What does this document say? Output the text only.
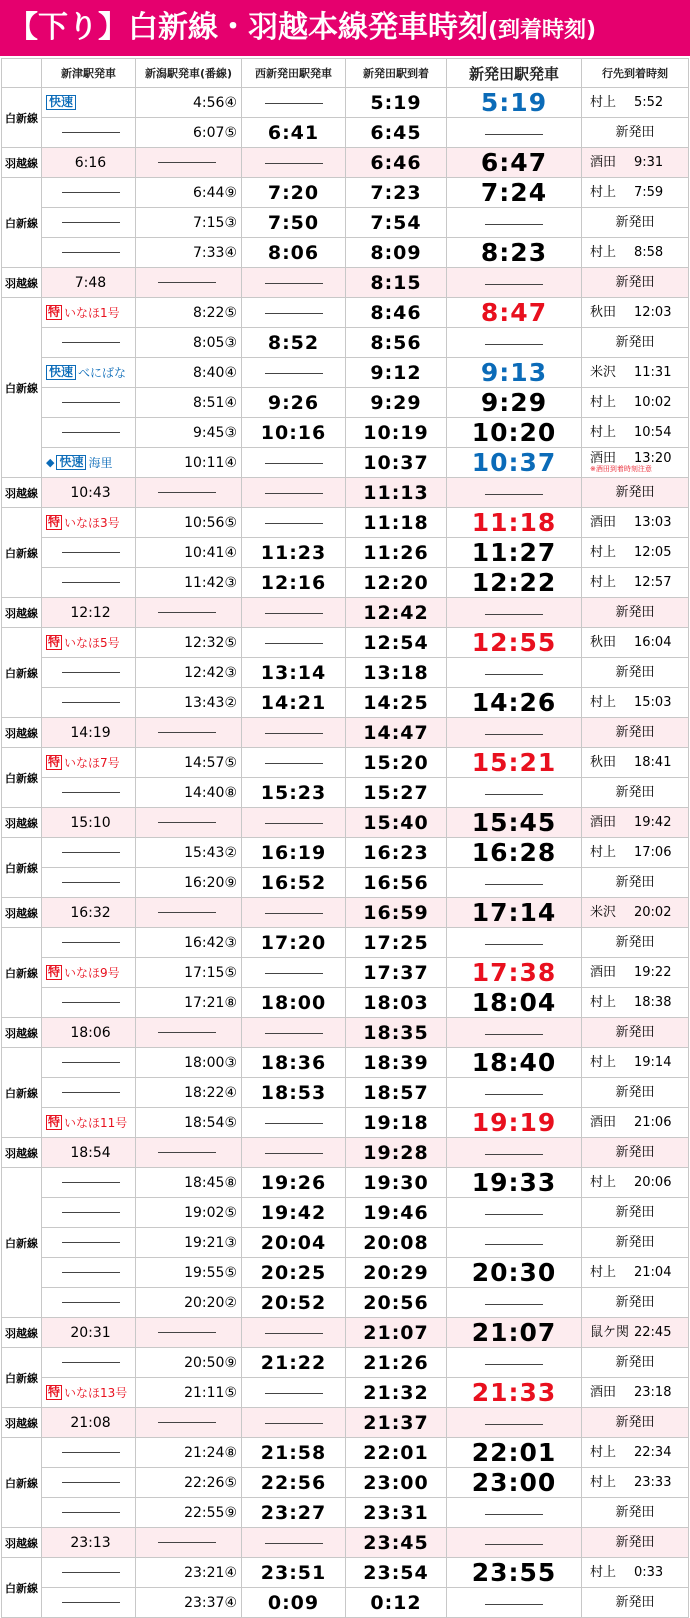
【下り】白新線・羽越本線発車時刻(到着時刻)
	新津駅発車	新潟駅発車(番線)	西新発田駅発車	新発田駅到着	新発田駅発車	行先到着時刻
白新線	快速	4:56④		5:19	5:19	村上 5:52
		6:07⑤	6:41	6:45		新発田

羽越線	6:16			6:46	6:47	酒田 9:31
白新線		6:44⑨	7:20	7:23	7:24	村上 7:59
		7:15③	7:50	7:54		新発田

		7:33④	8:06	8:09	8:23	村上 8:58
羽越線	7:48			8:15		新発田

白新線	特 いなほ1号	8:22⑤		8:46	8:47	秋田 12:03
		8:05③	8:52	8:56		新発田

	快速 べにばな	8:40④		9:12	9:13	米沢 11:31
		8:51④	9:26	9:29	9:29	村上 10:02
		9:45③	10:16	10:19	10:20	村上 10:54
	◆ 快速 海里	10:11④		10:37	10:37	酒田 13:20
※酒田到着時刻注意

羽越線	10:43			11:13		新発田

白新線	特 いなほ3号	10:56⑤		11:18	11:18	酒田 13:03
		10:41④	11:23	11:26	11:27	村上 12:05
		11:42③	12:16	12:20	12:22	村上 12:57
羽越線	12:12			12:42		新発田

白新線	特 いなほ5号	12:32⑤		12:54	12:55	秋田 16:04
		12:42③	13:14	13:18		新発田

		13:43②	14:21	14:25	14:26	村上 15:03
羽越線	14:19			14:47		新発田

白新線	特 いなほ7号	14:57⑤		15:20	15:21	秋田 18:41
		14:40⑧	15:23	15:27		新発田

羽越線	15:10			15:40	15:45	酒田 19:42
白新線		15:43②	16:19	16:23	16:28	村上 17:06
		16:20⑨	16:52	16:56		新発田

羽越線	16:32			16:59	17:14	米沢 20:02
白新線		16:42③	17:20	17:25		新発田

	特 いなほ9号	17:15⑤		17:37	17:38	酒田 19:22
		17:21⑧	18:00	18:03	18:04	村上 18:38
羽越線	18:06			18:35		新発田

白新線		18:00③	18:36	18:39	18:40	村上 19:14
		18:22④	18:53	18:57		新発田

	特 いなほ11号	18:54⑤		19:18	19:19	酒田 21:06
羽越線	18:54			19:28		新発田

白新線		18:45⑧	19:26	19:30	19:33	村上 20:06
		19:02⑤	19:42	19:46		新発田

		19:21③	20:04	20:08		新発田

		19:55⑤	20:25	20:29	20:30	村上 21:04
		20:20②	20:52	20:56		新発田

羽越線	20:31			21:07	21:07	鼠ケ関 22:45
白新線		20:50⑨	21:22	21:26		新発田

	特 いなほ13号	21:11⑤		21:32	21:33	酒田 23:18
羽越線	21:08			21:37		新発田

白新線		21:24⑧	21:58	22:01	22:01	村上 22:34
		22:26⑤	22:56	23:00	23:00	村上 23:33
		22:55⑨	23:27	23:31		新発田

羽越線	23:13			23:45		新発田

白新線		23:21④	23:51	23:54	23:55	村上 0:33
		23:37④	0:09	0:12		新発田
